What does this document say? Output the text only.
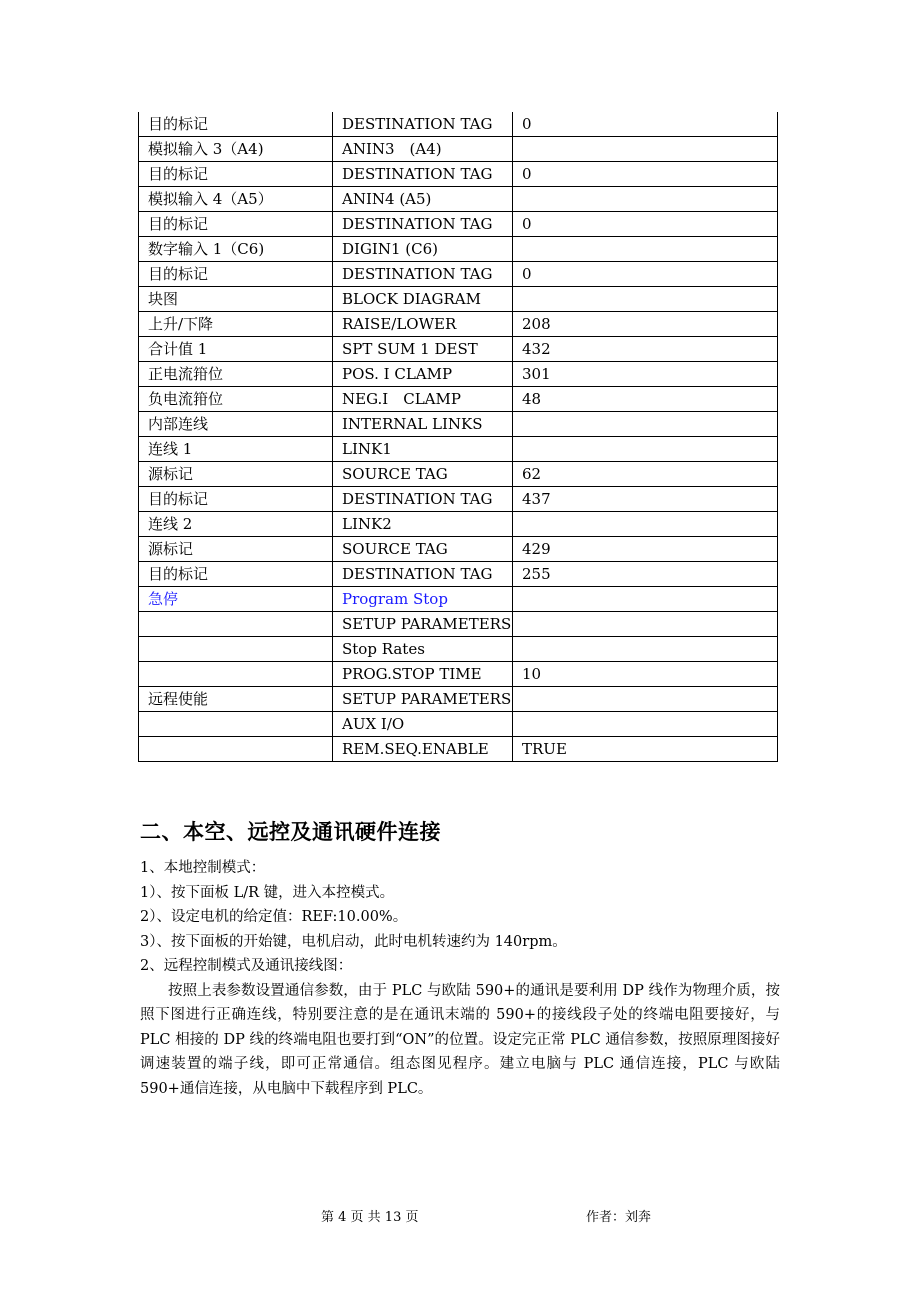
目的标记	DESTINATION TAG	0
模拟输入 3（A4)	ANIN3　(A4)	
目的标记	DESTINATION TAG	0
模拟输入 4（A5）	ANIN4 (A5)	
目的标记	DESTINATION TAG	0
数字输入 1（C6)	DIGIN1 (C6)	
目的标记	DESTINATION TAG	0
块图	BLOCK DIAGRAM	
上升/下降	RAISE/LOWER	208
合计值 1	SPT SUM 1 DEST	432
正电流箝位	POS. I CLAMP	301
负电流箝位	NEG.I　CLAMP	48
内部连线	INTERNAL LINKS	
连线 1	LINK1	
源标记	SOURCE TAG	62
目的标记	DESTINATION TAG	437
连线 2	LINK2	
源标记	SOURCE TAG	429
目的标记	DESTINATION TAG	255
急停	Program Stop	
	SETUP PARAMETERS	
	Stop Rates	
	PROG.STOP TIME	10
远程使能	SETUP PARAMETERS	
	AUX I/O	
	REM.SEQ.ENABLE	TRUE
二、本空、远控及通讯硬件连接

1、本地控制模式：

1）、按下面板 L/R 键，进入本控模式。

2）、设定电机的给定值：REF:10.00%。

3）、按下面板的开始键，电机启动，此时电机转速约为 140rpm。

2、远程控制模式及通讯接线图：

按照上表参数设置通信参数，由于 PLC 与欧陆 590+的通讯是要利用 DP 线作为物理介质，按照下图进行正确连线，特别要注意的是在通讯末端的 590+的接线段子处的终端电阻要接好，与 PLC 相接的 DP 线的终端电阻也要打到“ON”的位置。设定完正常 PLC 通信参数，按照原理图接好调速装置的端子线，即可正常通信。组态图见程序。建立电脑与 PLC 通信连接，PLC 与欧陆 590+通信连接，从电脑中下载程序到 PLC。

第 4 页 共 13 页	作者：刘奔
